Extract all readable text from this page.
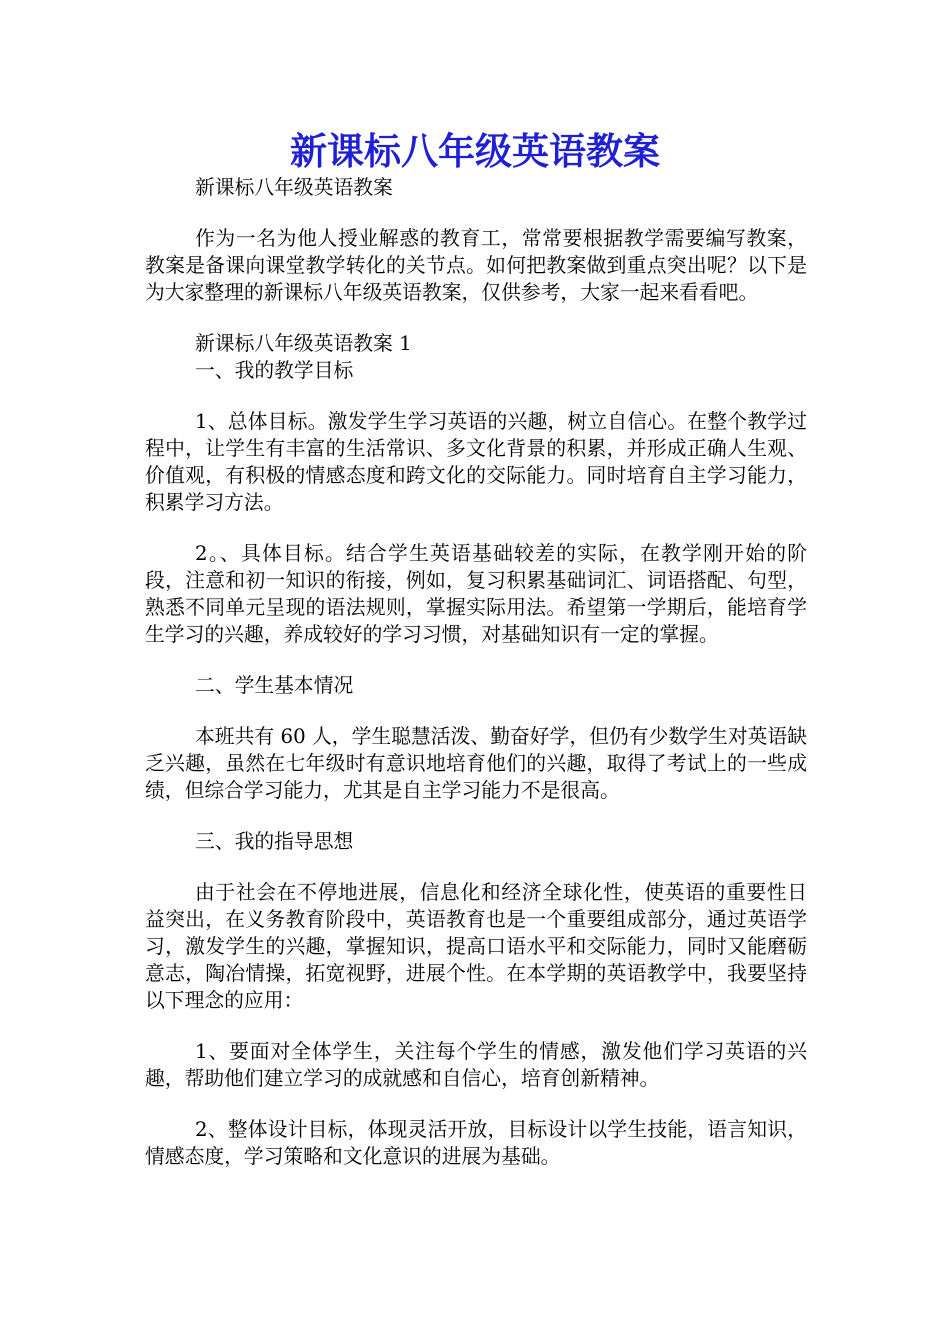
新课标八年级英语教案

新课标八年级英语教案

作为一名为他人授业解惑的教育工，常常要根据教学需要编写教案，教案是备课向课堂教学转化的关节点。如何把教案做到重点突出呢？以下是为大家整理的新课标八年级英语教案，仅供参考，大家一起来看看吧。

新课标八年级英语教案 1

一、我的教学目标

1、总体目标。激发学生学习英语的兴趣，树立自信心。在整个教学过程中，让学生有丰富的生活常识、多文化背景的积累，并形成正确人生观、价值观，有积极的情感态度和跨文化的交际能力。同时培育自主学习能力，积累学习方法。

2。、具体目标。结合学生英语基础较差的实际，在教学刚开始的阶段，注意和初一知识的衔接，例如，复习积累基础词汇、词语搭配、句型，熟悉不同单元呈现的语法规则，掌握实际用法。希望第一学期后，能培育学生学习的兴趣，养成较好的学习习惯，对基础知识有一定的掌握。

二、学生基本情况

本班共有 60 人，学生聪慧活泼、勤奋好学，但仍有少数学生对英语缺乏兴趣，虽然在七年级时有意识地培育他们的兴趣，取得了考试上的一些成绩，但综合学习能力，尤其是自主学习能力不是很高。

三、我的指导思想

由于社会在不停地进展，信息化和经济全球化性，使英语的重要性日益突出，在义务教育阶段中，英语教育也是一个重要组成部分，通过英语学习，激发学生的兴趣，掌握知识，提高口语水平和交际能力，同时又能磨砺意志，陶冶情操，拓宽视野，进展个性。在本学期的英语教学中，我要坚持以下理念的应用：

1、要面对全体学生，关注每个学生的情感，激发他们学习英语的兴趣，帮助他们建立学习的成就感和自信心，培育创新精神。

2、整体设计目标，体现灵活开放，目标设计以学生技能，语言知识，情感态度，学习策略和文化意识的进展为基础。
